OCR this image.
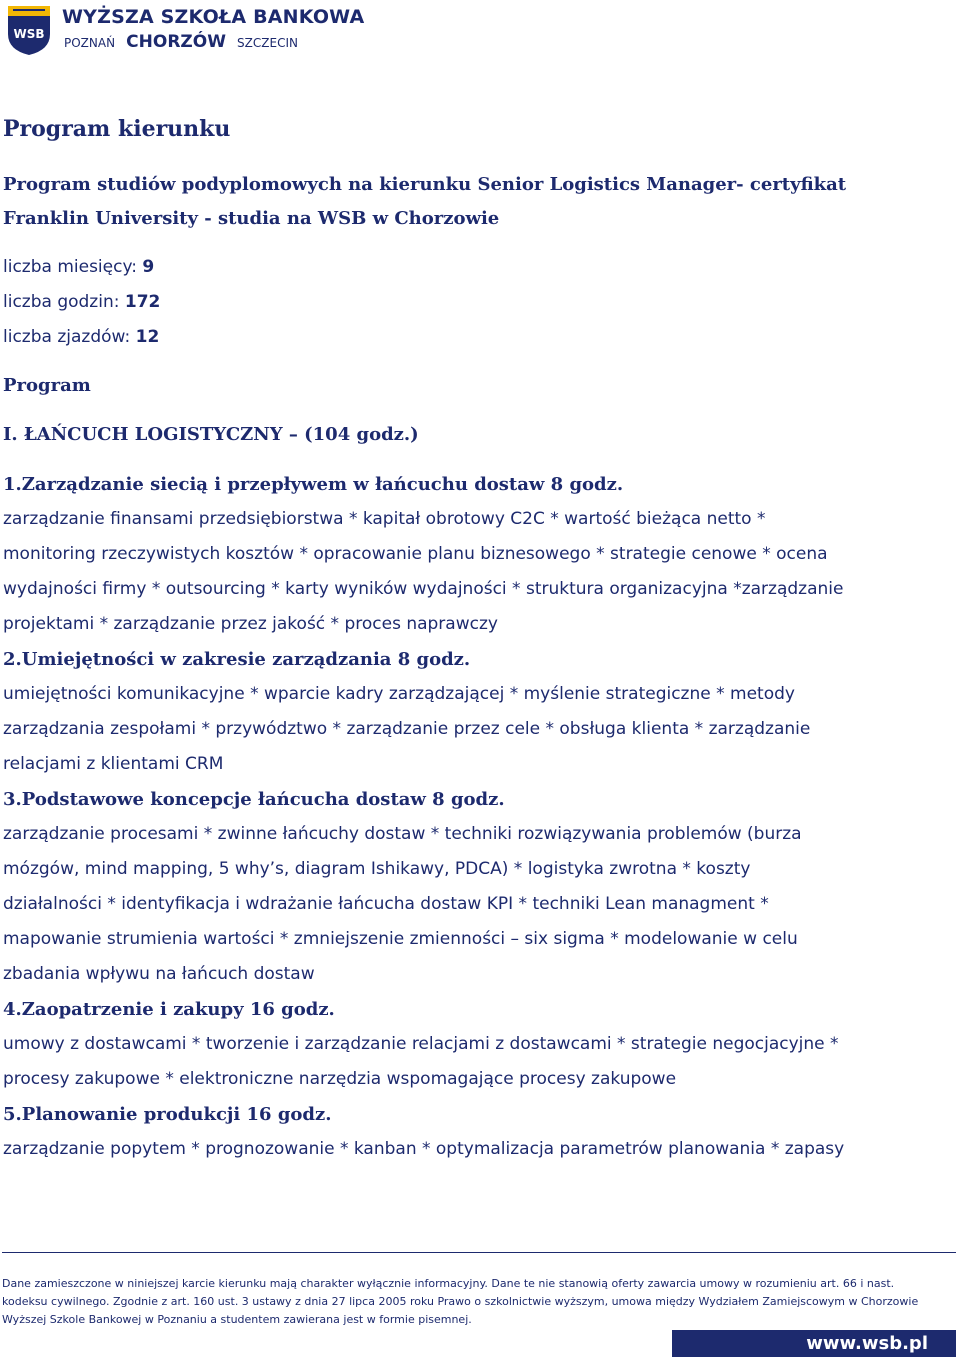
WSB
WYŻSZA SZKOŁA BANKOWA
POZNAŃ CHORZÓW SZCZECIN
Program kierunku
Program studiów podyplomowych na kierunku Senior Logistics Manager- certyfikat
Franklin University - studia na WSB w Chorzowie
liczba miesięcy: 9
liczba godzin: 172
liczba zjazdów: 12
Program
I. ŁAŃCUCH LOGISTYCZNY – (104 godz.)
1.Zarządzanie siecią i przepływem w łańcuchu dostaw 8 godz.
zarządzanie finansami przedsiębiorstwa * kapitał obrotowy C2C * wartość bieżąca netto *
monitoring rzeczywistych kosztów * opracowanie planu biznesowego * strategie cenowe * ocena
wydajności firmy * outsourcing * karty wyników wydajności * struktura organizacyjna *zarządzanie
projektami * zarządzanie przez jakość * proces naprawczy
2.Umiejętności w zakresie zarządzania 8 godz.
umiejętności komunikacyjne * wparcie kadry zarządzającej * myślenie strategiczne * metody
zarządzania zespołami * przywództwo * zarządzanie przez cele * obsługa klienta * zarządzanie
relacjami z klientami CRM
3.Podstawowe koncepcje łańcucha dostaw 8 godz.
zarządzanie procesami * zwinne łańcuchy dostaw * techniki rozwiązywania problemów (burza
mózgów, mind mapping, 5 why’s, diagram Ishikawy, PDCA) * logistyka zwrotna * koszty
działalności * identyfikacja i wdrażanie łańcucha dostaw KPI * techniki Lean managment *
mapowanie strumienia wartości * zmniejszenie zmienności – six sigma * modelowanie w celu
zbadania wpływu na łańcuch dostaw
4.Zaopatrzenie i zakupy 16 godz.
umowy z dostawcami * tworzenie i zarządzanie relacjami z dostawcami * strategie negocjacyjne *
procesy zakupowe * elektroniczne narzędzia wspomagające procesy zakupowe
5.Planowanie produkcji 16 godz.
zarządzanie popytem * prognozowanie * kanban * optymalizacja parametrów planowania * zapasy
Dane zamieszczone w niniejszej karcie kierunku mają charakter wyłącznie informacyjny. Dane te nie stanowią oferty zawarcia umowy w rozumieniu art. 66 i nast.
kodeksu cywilnego. Zgodnie z art. 160 ust. 3 ustawy z dnia 27 lipca 2005 roku Prawo o szkolnictwie wyższym, umowa między Wydziałem Zamiejscowym w Chorzowie
Wyższej Szkole Bankowej w Poznaniu a studentem zawierana jest w formie pisemnej.
www.wsb.pl
